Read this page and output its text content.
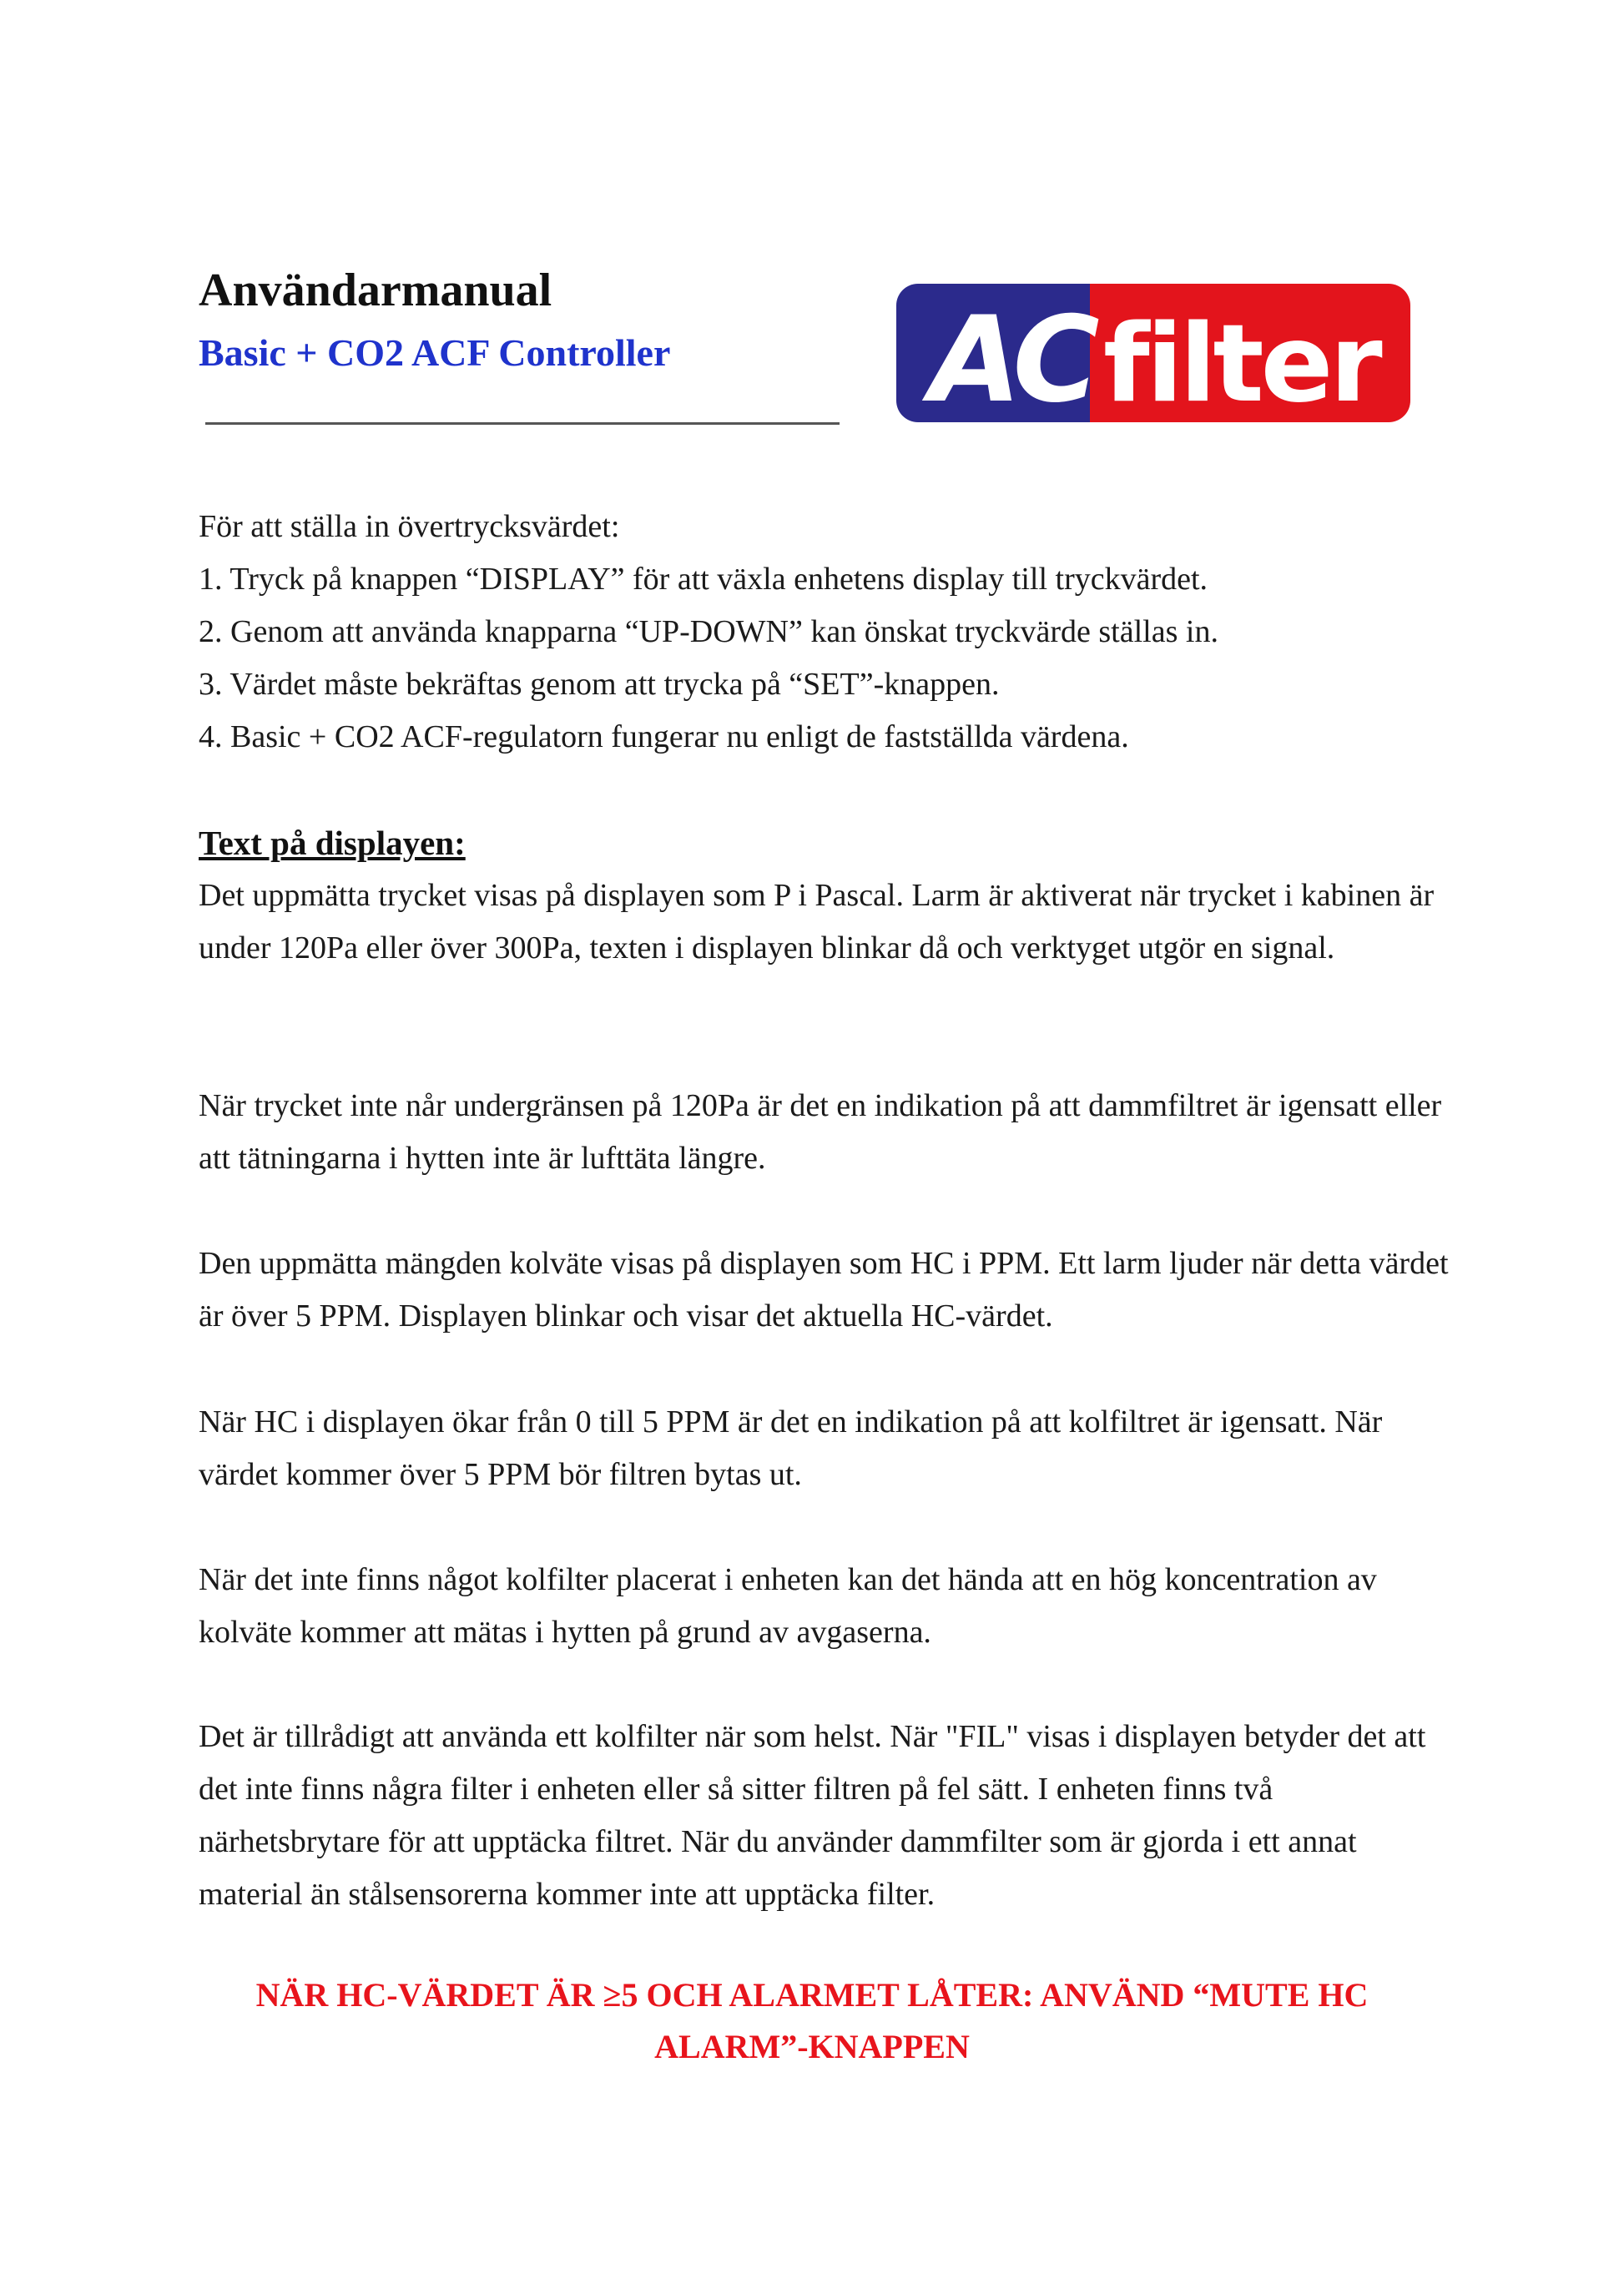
Användarmanual
Basic + CO2 ACF Controller AC filter

För att ställa in övertrycksvärdet:

1. Tryck på knappen “DISPLAY” för att växla enhetens display till tryckvärdet.

2. Genom att använda knapparna “UP-DOWN” kan önskat tryckvärde ställas in.

3. Värdet måste bekräftas genom att trycka på “SET”-knappen.

4. Basic + CO2 ACF-regulatorn fungerar nu enligt de fastställda värdena.

Text på displayen:

Det uppmätta trycket visas på displayen som P i Pascal. Larm är aktiverat när trycket i kabinen är under 120Pa eller över 300Pa, texten i displayen blinkar då och verktyget utgör en signal.

När trycket inte når undergränsen på 120Pa är det en indikation på att dammfiltret är igensatt eller att tätningarna i hytten inte är lufttäta längre.

Den uppmätta mängden kolväte visas på displayen som HC i PPM. Ett larm ljuder när detta värdet är över 5 PPM. Displayen blinkar och visar det aktuella HC-värdet.

När HC i displayen ökar från 0 till 5 PPM är det en indikation på att kolfiltret är igensatt. När värdet kommer över 5 PPM bör filtren bytas ut.

När det inte finns något kolfilter placerat i enheten kan det hända att en hög koncentration av kolväte kommer att mätas i hytten på grund av avgaserna.

Det är tillrådigt att använda ett kolfilter när som helst. När "FIL" visas i displayen betyder det att det inte finns några filter i enheten eller så sitter filtren på fel sätt. I enheten finns två närhetsbrytare för att upptäcka filtret. När du använder dammfilter som är gjorda i ett annat material än stålsensorerna kommer inte att upptäcka filter.

NÄR HC-VÄRDET ÄR ≥5 OCH ALARMET LÅTER: ANVÄND “MUTE HC
ALARM”-KNAPPEN
